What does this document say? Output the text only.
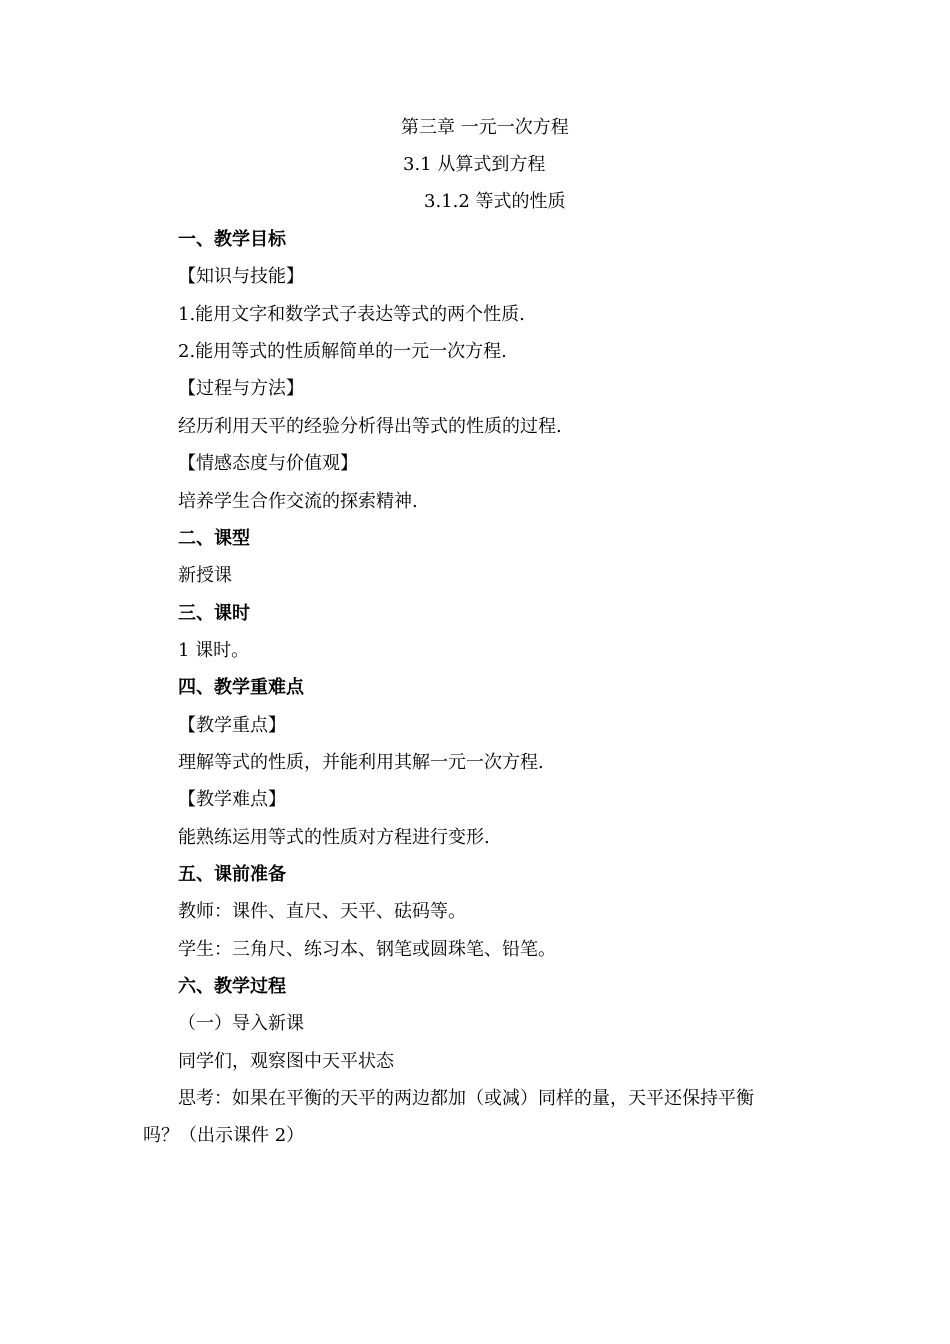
第三章 一元一次方程
3.1 从算式到方程
3.1.2 等式的性质
一、教学目标
【知识与技能】
1.能用文字和数学式子表达等式的两个性质.
2.能用等式的性质解简单的一元一次方程.
【过程与方法】
经历利用天平的经验分析得出等式的性质的过程.
【情感态度与价值观】
培养学生合作交流的探索精神.
二、课型
新授课
三、课时
1 课时。
四、教学重难点
【教学重点】
理解等式的性质，并能利用其解一元一次方程.
【教学难点】
能熟练运用等式的性质对方程进行变形.
五、课前准备
教师：课件、直尺、天平、砝码等。
学生：三角尺、练习本、钢笔或圆珠笔、铅笔。
六、教学过程
（一）导入新课
同学们，观察图中天平状态
思考：如果在平衡的天平的两边都加（或减）同样的量，天平还保持平衡
吗？（出示课件 2）
